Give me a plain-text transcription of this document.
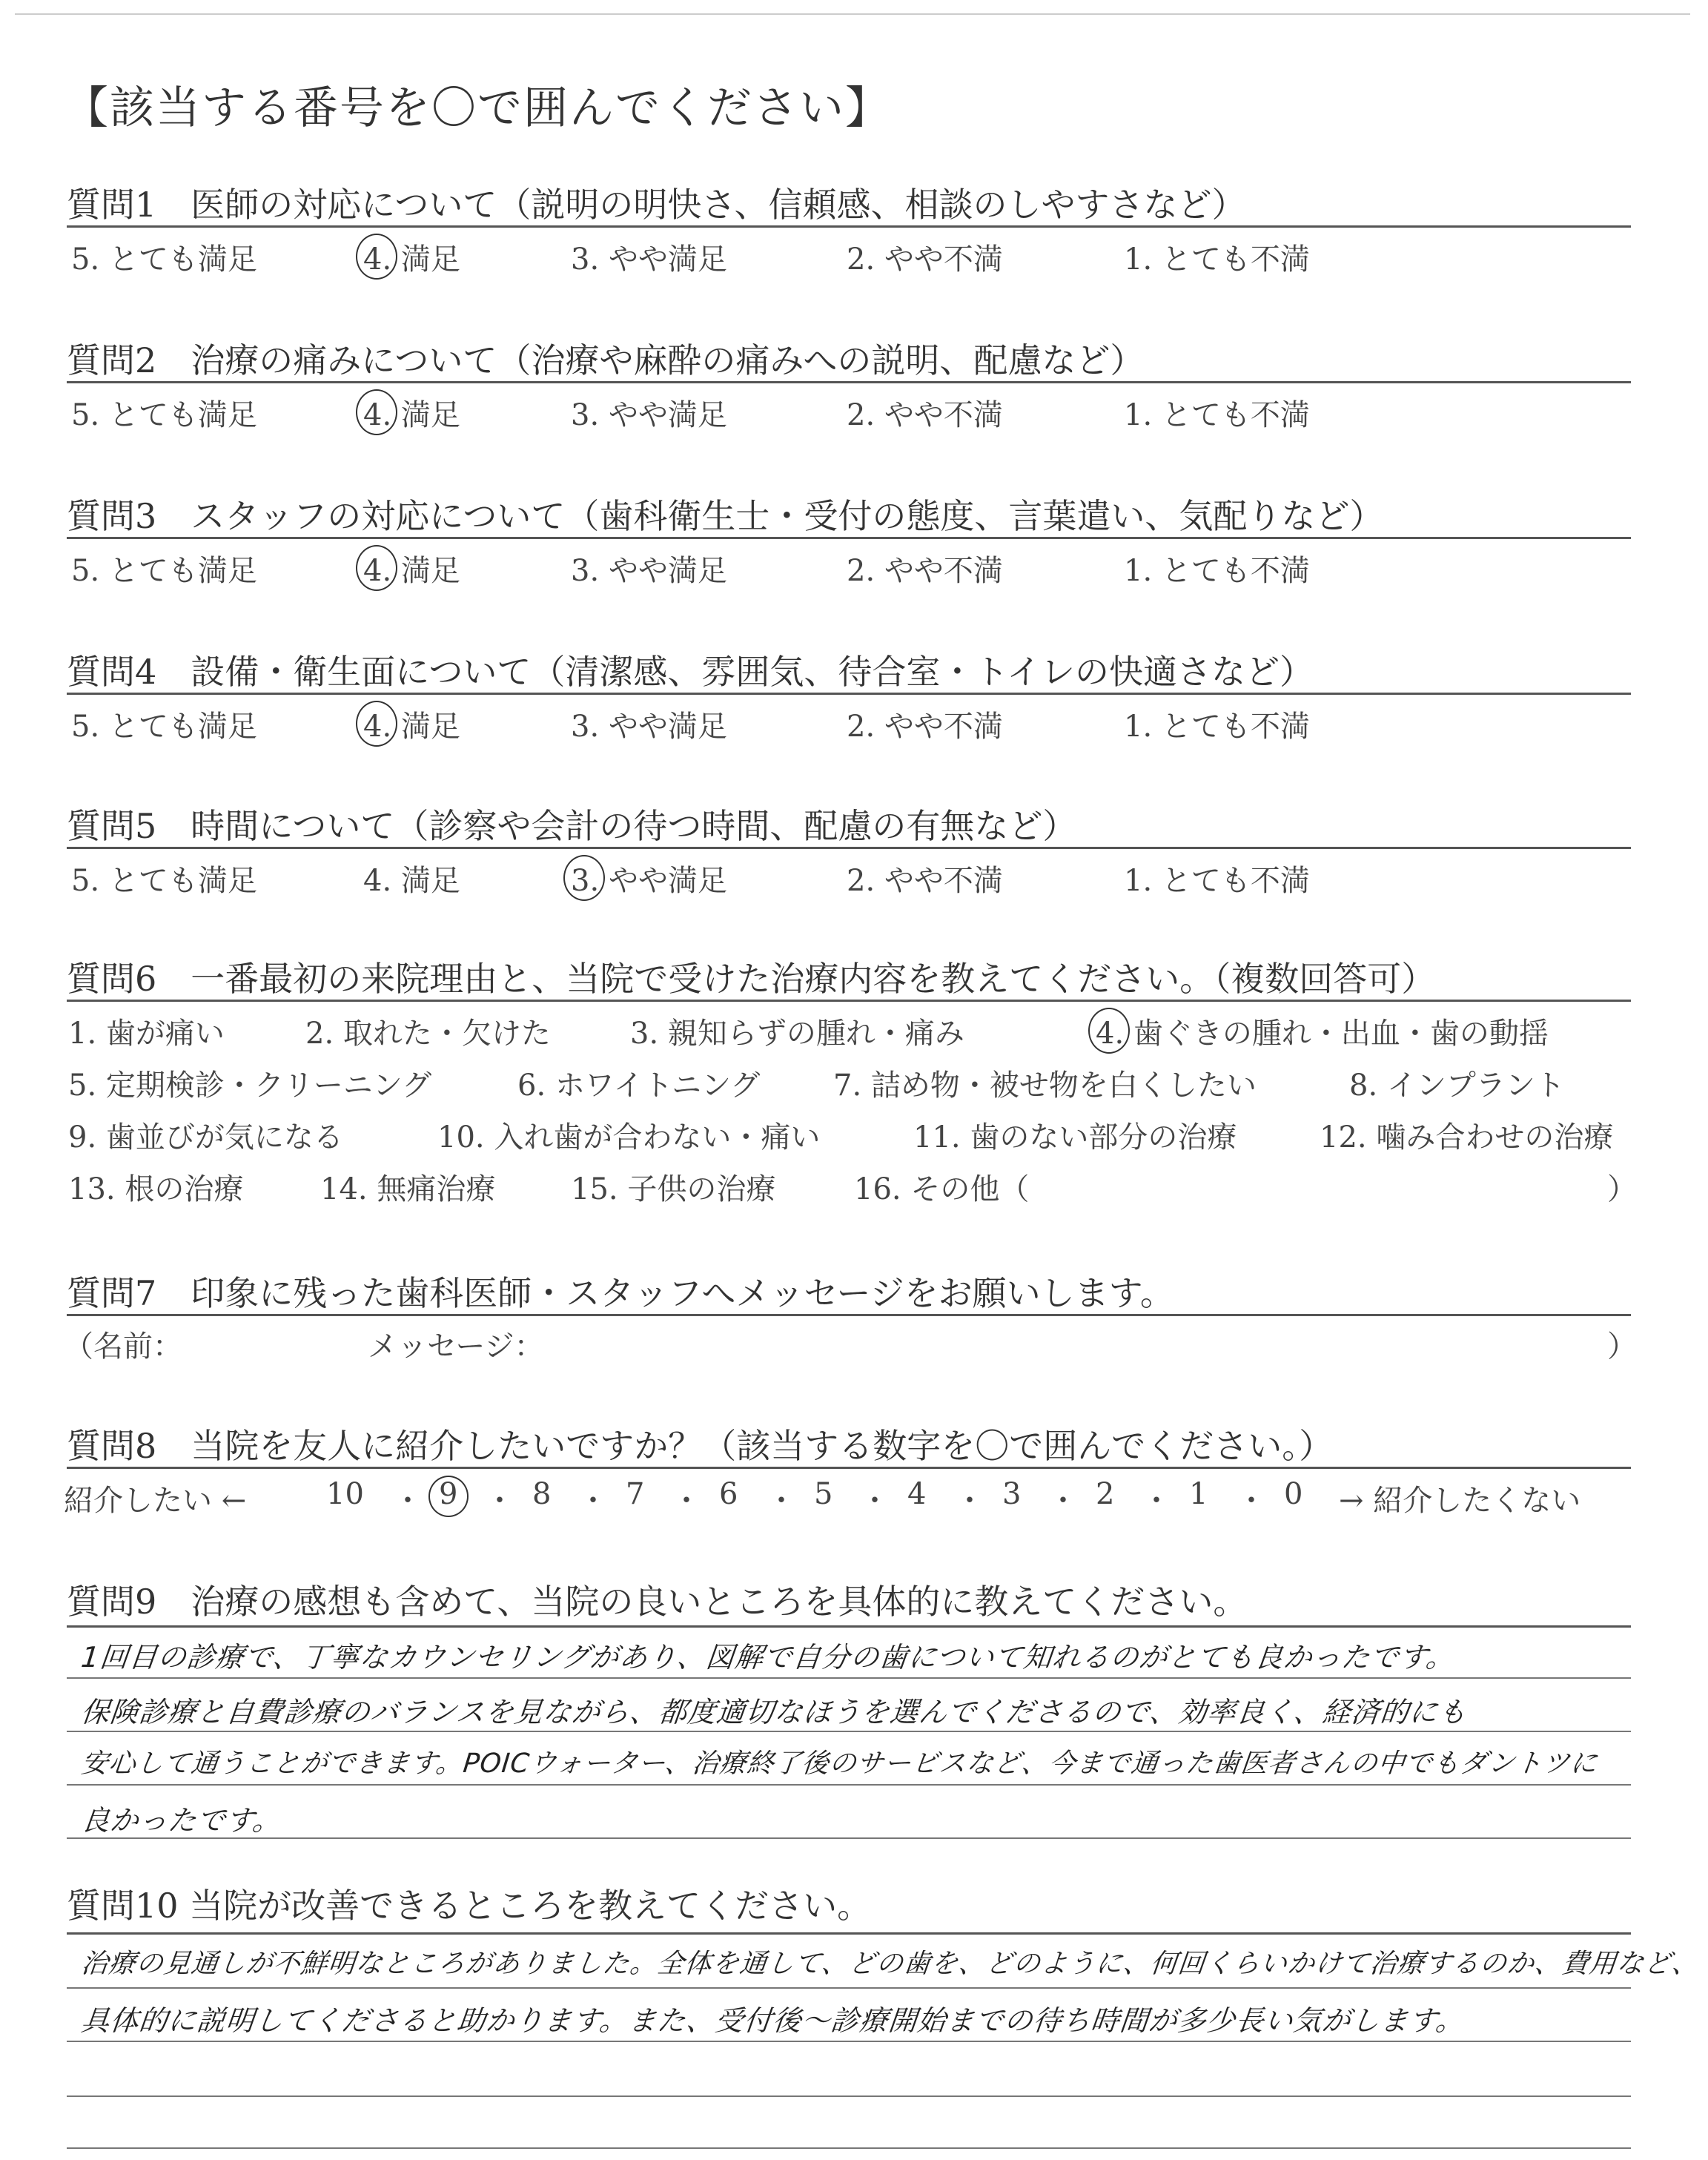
【該当する番号を〇で囲んでください】
質問1　医師の対応について（説明の明快さ、信頼感、相談のしやすさなど）
5. とても満足	4. 満足	3. やや満足	2. やや不満	1. とても不満
質問2　治療の痛みについて（治療や麻酔の痛みへの説明、配慮など）
5. とても満足	4. 満足	3. やや満足	2. やや不満	1. とても不満
質問3　スタッフの対応について（歯科衛生士・受付の態度、言葉遣い、気配りなど）
5. とても満足	4. 満足	3. やや満足	2. やや不満	1. とても不満
質問4　設備・衛生面について（清潔感、雰囲気、待合室・トイレの快適さなど）
5. とても満足	4. 満足	3. やや満足	2. やや不満	1. とても不満
質問5　時間について（診察や会計の待つ時間、配慮の有無など）
5. とても満足	4. 満足	3. やや満足	2. やや不満	1. とても不満
質問6　一番最初の来院理由と、当院で受けた治療内容を教えてください。（複数回答可）
1. 歯が痛い	2. 取れた・欠けた	3. 親知らずの腫れ・痛み	4. 歯ぐきの腫れ・出血・歯の動揺
5. 定期検診・クリーニング	6. ホワイトニング 7. 詰め物・被せ物を白くしたい	8. インプラント
9. 歯並びが気になる	10. 入れ歯が合わない・痛い	11. 歯のない部分の治療	12. 噛み合わせの治療
13. 根の治療	14. 無痛治療	15. 子供の治療	16. その他（	）
質問7　印象に残った歯科医師・スタッフへメッセージをお願いします。
（名前：	メッセージ：	）
質問8　当院を友人に紹介したいですか？（該当する数字を〇で囲んでください。）
紹介したい ←	10 ・ 9 ・ 8 ・ 7 ・ 6 ・ 5 ・ 4 ・ 3 ・ 2 ・ 1 ・ 0 → 紹介したくない
質問9　治療の感想も含めて、当院の良いところを具体的に教えてください。
1回目の診療で、丁寧なカウンセリングがあり、図解で自分の歯について知れるのがとても良かったです。
保険診療と自費診療のバランスを見ながら、都度適切なほうを選んでくださるので、効率良く、経済的にも
安心して通うことができます。POICウォーター、治療終了後のサービスなど、今まで通った歯医者さんの中でもダントツに
良かったです。
質問10 当院が改善できるところを教えてください。
治療の見通しが不鮮明なところがありました。全体を通して、どの歯を、どのように、何回くらいかけて治療するのか、費用など、
具体的に説明してくださると助かります。また、受付後〜診療開始までの待ち時間が多少長い気がします。
